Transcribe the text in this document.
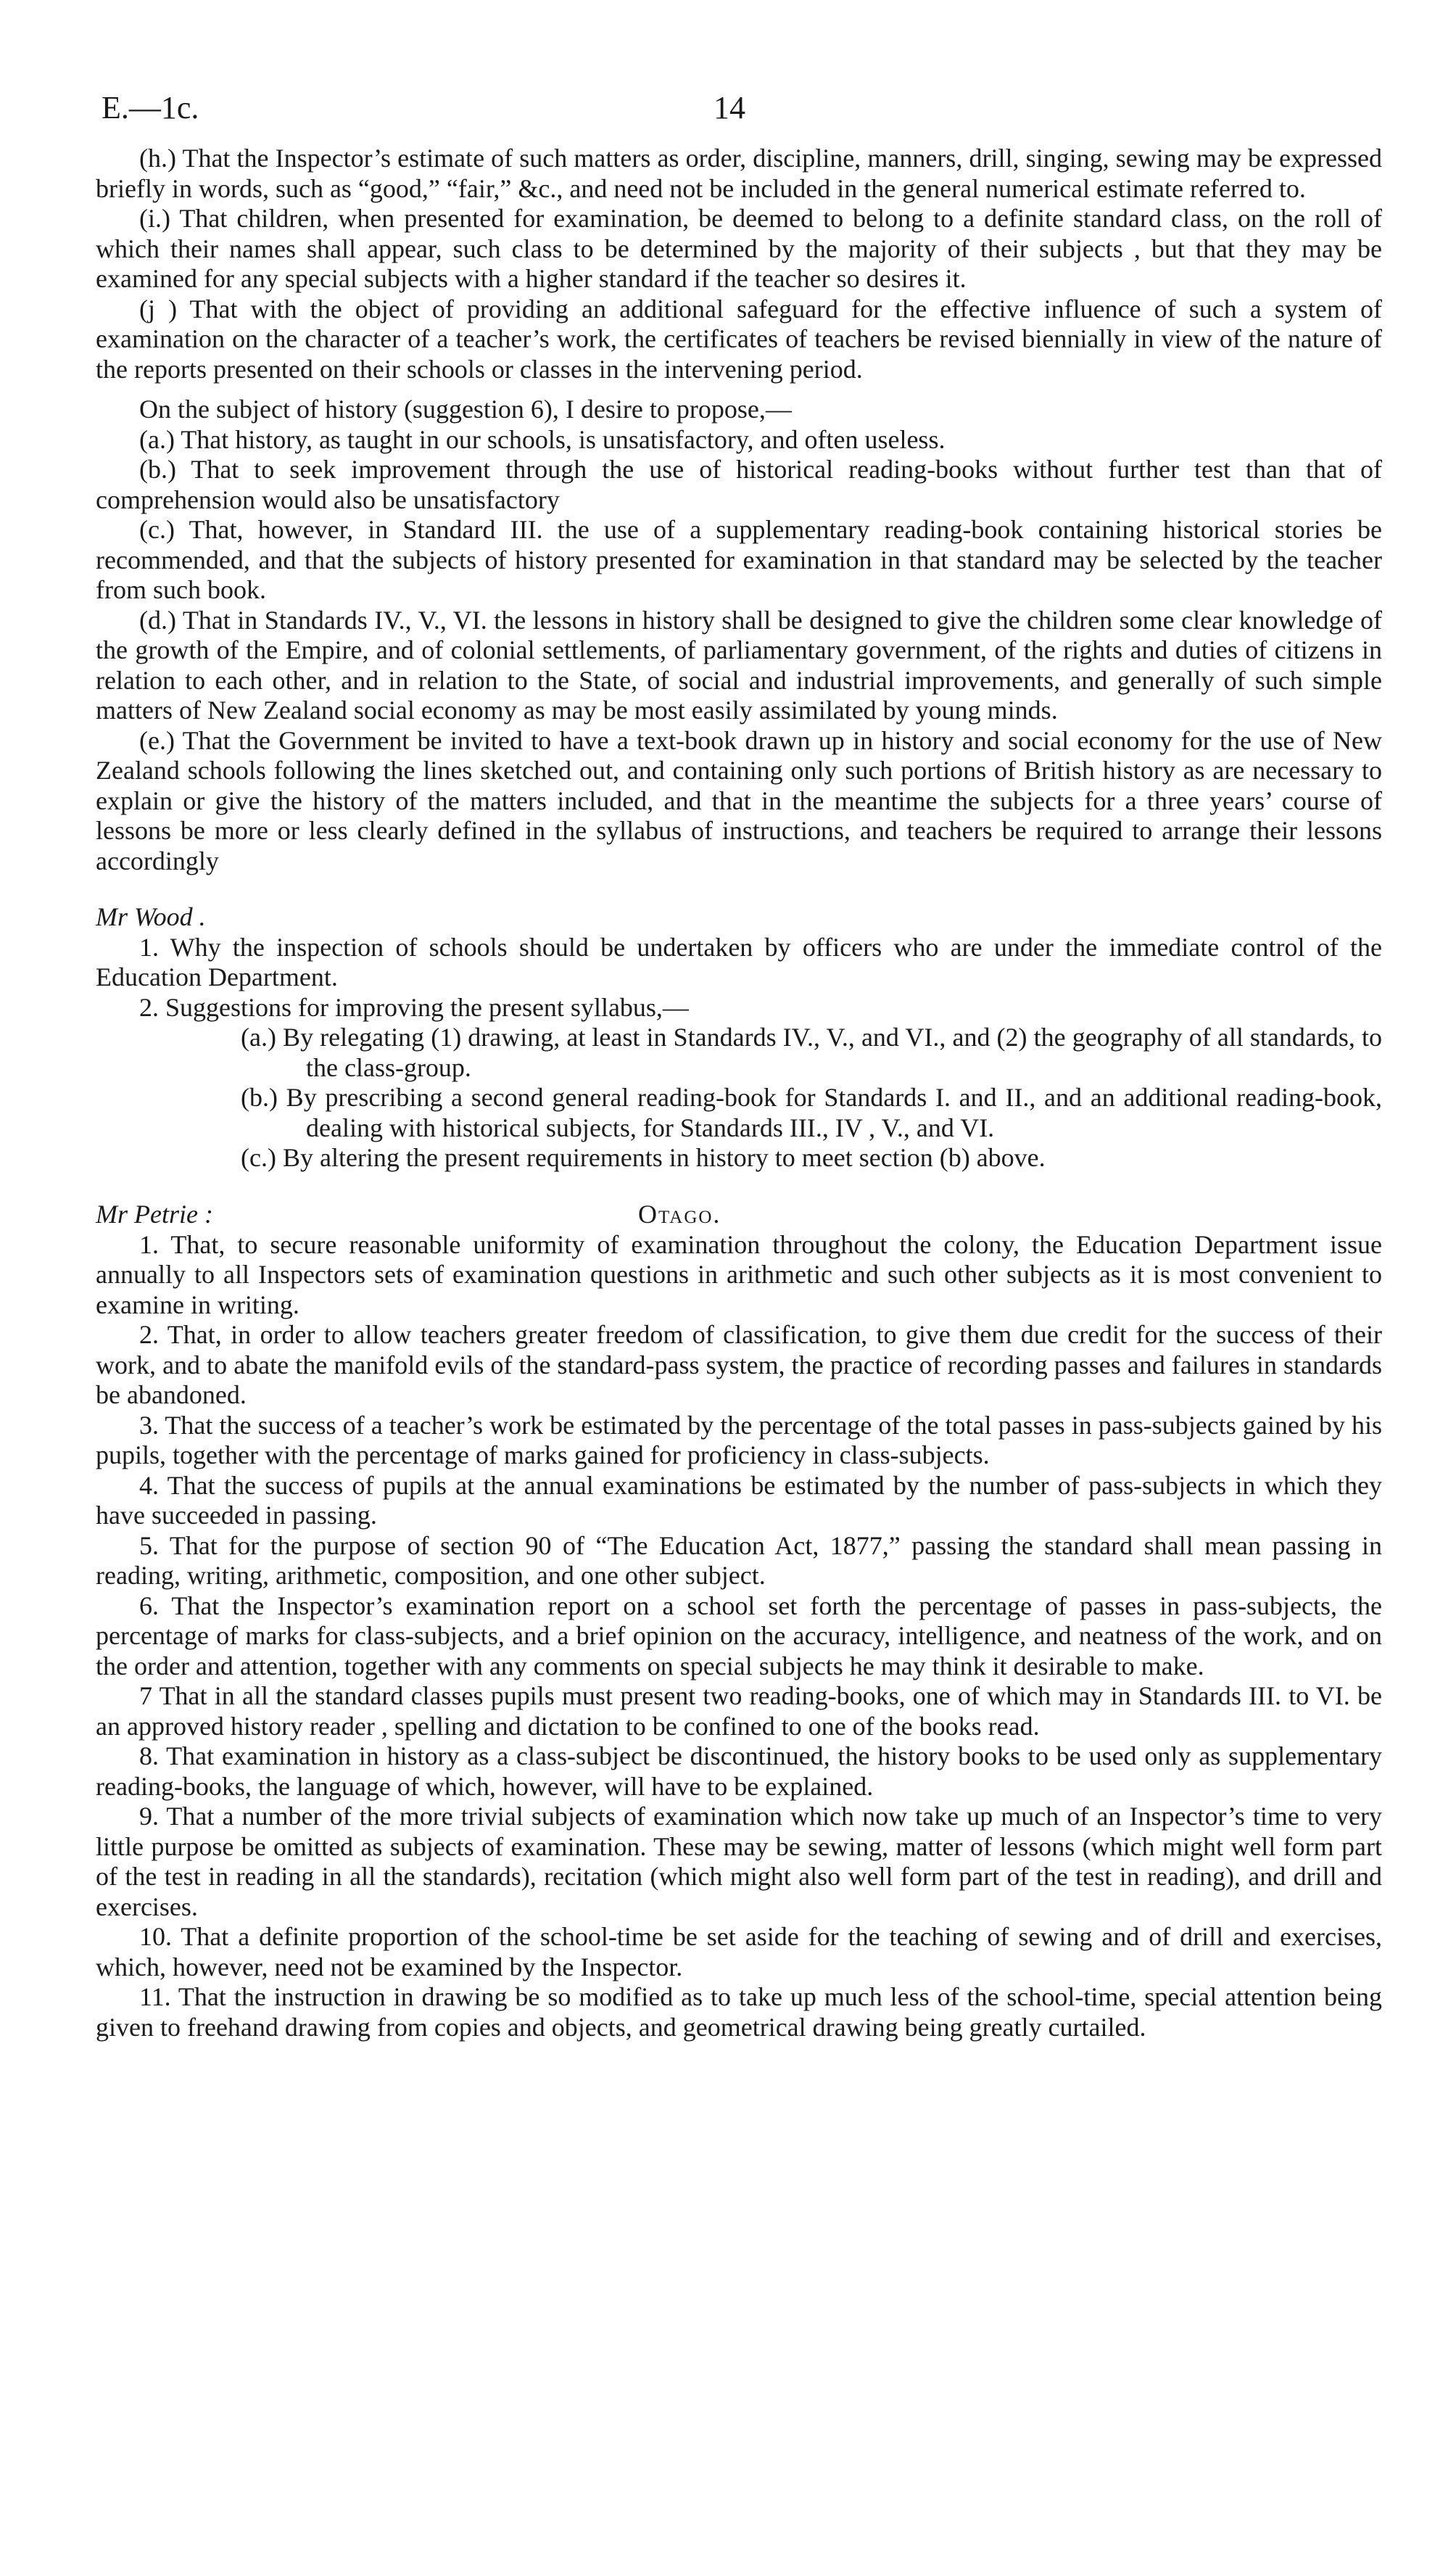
E.—1c.	14

(h.) That the Inspector’s estimate of such matters as order, discipline, manners, drill, singing, sewing may be expressed briefly in words, such as “good,” “fair,” &c., and need not be included in the general numerical estimate referred to.

(i.) That children, when presented for examination, be deemed to belong to a definite standard class, on the roll of which their names shall appear, such class to be determined by the majority of their subjects , but that they may be examined for any special subjects with a higher standard if the teacher so desires it.

(j ) That with the object of providing an additional safeguard for the effective influence of such a system of examination on the character of a teacher’s work, the certificates of teachers be revised biennially in view of the nature of the reports presented on their schools or classes in the intervening period.

On the subject of history (suggestion 6), I desire to propose,—

(a.) That history, as taught in our schools, is unsatisfactory, and often useless.

(b.) That to seek improvement through the use of historical reading-books without further test than that of comprehension would also be unsatisfactory

(c.) That, however, in Standard III. the use of a supplementary reading-book containing historical stories be recommended, and that the subjects of history presented for examination in that standard may be selected by the teacher from such book.

(d.) That in Standards IV., V., VI. the lessons in history shall be designed to give the children some clear knowledge of the growth of the Empire, and of colonial settlements, of parliamentary government, of the rights and duties of citizens in relation to each other, and in relation to the State, of social and industrial improvements, and generally of such simple matters of New Zealand social economy as may be most easily assimilated by young minds.

(e.) That the Government be invited to have a text-book drawn up in history and social economy for the use of New Zealand schools following the lines sketched out, and containing only such portions of British history as are necessary to explain or give the history of the matters included, and that in the meantime the subjects for a three years’ course of lessons be more or less clearly defined in the syllabus of instructions, and teachers be required to arrange their lessons accordingly

Mr Wood .

1. Why the inspection of schools should be undertaken by officers who are under the immediate control of the Education Department.

2. Suggestions for improving the present syllabus,—

(a.) By relegating (1) drawing, at least in Standards IV., V., and VI., and (2) the geography of all standards, to the class-group.

(b.) By prescribing a second general reading-book for Standards I. and II., and an additional reading-book, dealing with historical subjects, for Standards III., IV , V., and VI.

(c.) By altering the present requirements in history to meet section (b) above.

Mr Petrie :	Otago.

1. That, to secure reasonable uniformity of examination throughout the colony, the Education Department issue annually to all Inspectors sets of examination questions in arithmetic and such other subjects as it is most convenient to examine in writing.

2. That, in order to allow teachers greater freedom of classification, to give them due credit for the success of their work, and to abate the manifold evils of the standard-pass system, the practice of recording passes and failures in standards be abandoned.

3. That the success of a teacher’s work be estimated by the percentage of the total passes in pass-subjects gained by his pupils, together with the percentage of marks gained for proficiency in class-subjects.

4. That the success of pupils at the annual examinations be estimated by the number of pass-subjects in which they have succeeded in passing.

5. That for the purpose of section 90 of “The Education Act, 1877,” passing the standard shall mean passing in reading, writing, arithmetic, composition, and one other subject.

6. That the Inspector’s examination report on a school set forth the percentage of passes in pass-subjects, the percentage of marks for class-subjects, and a brief opinion on the accuracy, intelligence, and neatness of the work, and on the order and attention, together with any comments on special subjects he may think it desirable to make.

7 That in all the standard classes pupils must present two reading-books, one of which may in Standards III. to VI. be an approved history reader , spelling and dictation to be confined to one of the books read.

8. That examination in history as a class-subject be discontinued, the history books to be used only as supplementary reading-books, the language of which, however, will have to be explained.

9. That a number of the more trivial subjects of examination which now take up much of an Inspector’s time to very little purpose be omitted as subjects of examination. These may be sewing, matter of lessons (which might well form part of the test in reading in all the standards), recitation (which might also well form part of the test in reading), and drill and exercises.

10. That a definite proportion of the school-time be set aside for the teaching of sewing and of drill and exercises, which, however, need not be examined by the Inspector.

11. That the instruction in drawing be so modified as to take up much less of the school-time, special attention being given to freehand drawing from copies and objects, and geometrical drawing being greatly curtailed.
